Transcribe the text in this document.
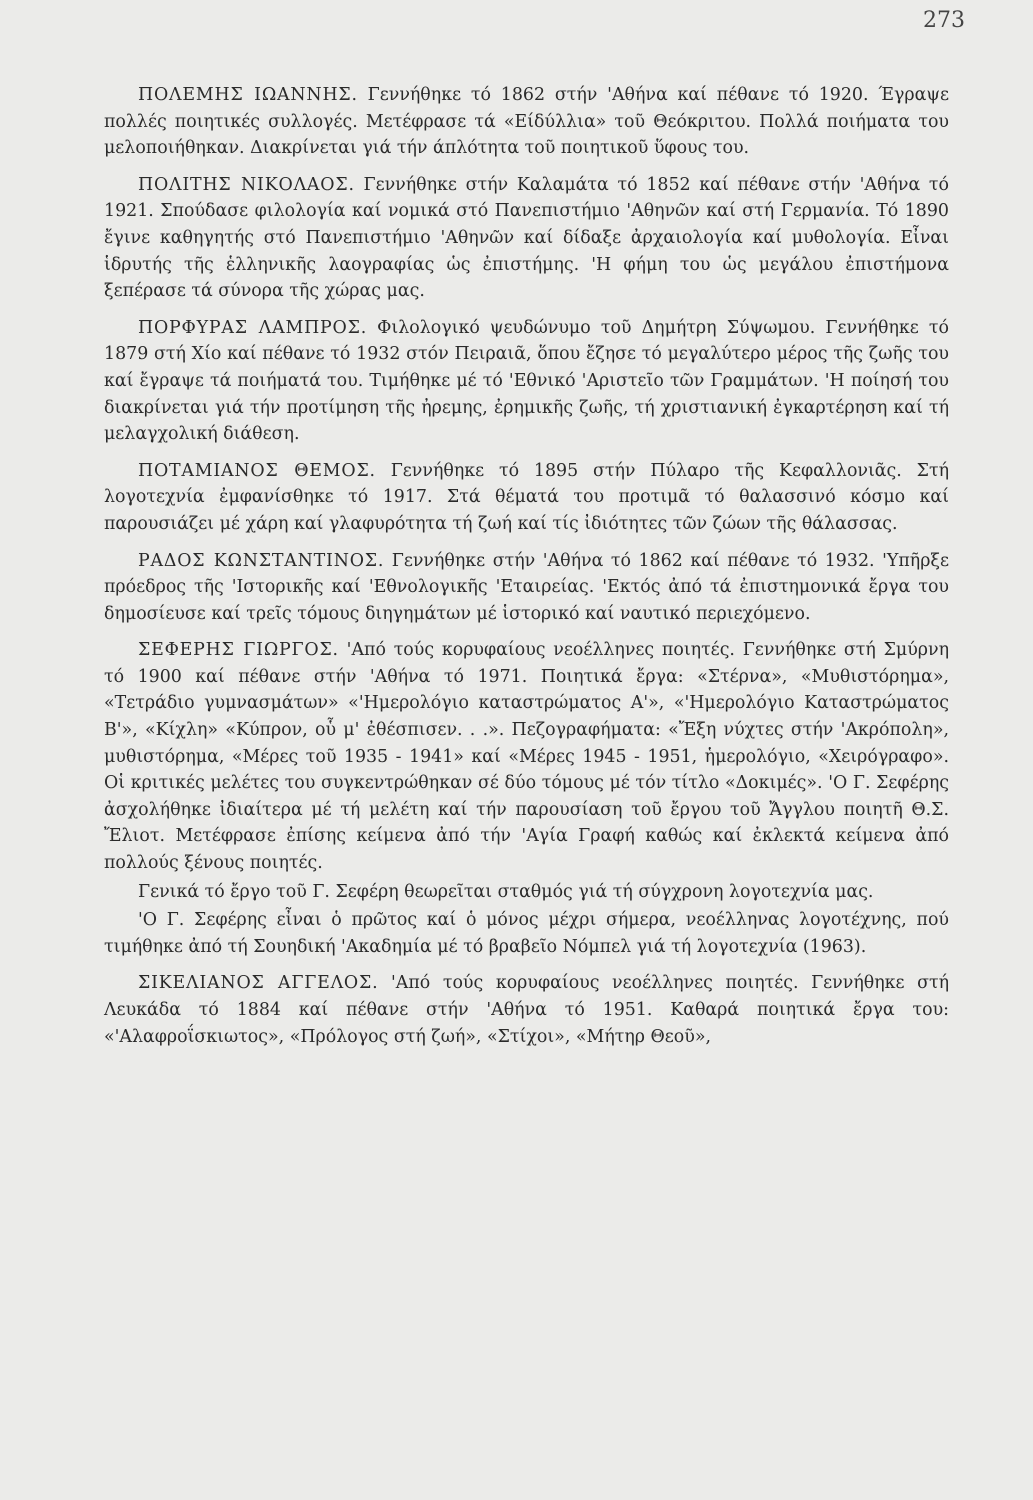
273

ΠΟΛΕΜΗΣ ΙΩΑΝΝΗΣ. Γεννήθηκε τό 1862 στήν 'Αθήνα καί πέθανε τό 1920. Έγραψε πολλές ποιητικές συλλογές. Μετέφρασε τά «Είδύλλια» τοῦ Θεόκριτου. Πολλά ποιήματα του μελοποιήθηκαν. Διακρίνεται γιά τήν άπλότητα τοῦ ποιητικοῦ ὕφους του.

ΠΟΛΙΤΗΣ ΝΙΚΟΛΑΟΣ. Γεννήθηκε στήν Καλαμάτα τό 1852 καί πέθανε στήν 'Αθήνα τό 1921. Σπούδασε φιλολογία καί νομικά στό Πανεπιστήμιο 'Αθηνῶν καί στή Γερμανία. Τό 1890 ἔγινε καθηγητής στό Πανεπιστήμιο 'Αθηνῶν καί δίδαξε ἀρχαιολογία καί μυθολογία. Εἶναι ἱδρυτής τῆς ἑλληνικῆς λαογραφίας ὡς ἐπιστήμης. 'Η φήμη του ὡς μεγάλου ἐπιστήμονα ξεπέρασε τά σύνορα τῆς χώρας μας.

ΠΟΡΦΥΡΑΣ ΛΑΜΠΡΟΣ. Φιλολογικό ψευδώνυμο τοῦ Δημήτρη Σύψωμου. Γεννήθηκε τό 1879 στή Χίο καί πέθανε τό 1932 στόν Πειραιᾶ, ὅπου ἔζησε τό μεγαλύτερο μέρος τῆς ζωῆς του καί ἔγραψε τά ποιήματά του. Τιμήθηκε μέ τό 'Εθνικό 'Αριστεῖο τῶν Γραμμάτων. 'Η ποίησή του διακρίνεται γιά τήν προτίμηση τῆς ἠρεμης, ἐρημικῆς ζωῆς, τή χριστιανική ἐγκαρτέρηση καί τή μελαγχολική διάθεση.

ΠΟΤΑΜΙΑΝΟΣ ΘΕΜΟΣ. Γεννήθηκε τό 1895 στήν Πύλαρο τῆς Κεφαλλονιᾶς. Στή λογοτεχνία ἐμφανίσθηκε τό 1917. Στά θέματά του προτιμᾶ τό θαλασσινό κόσμο καί παρουσιάζει μέ χάρη καί γλαφυρότητα τή ζωή καί τίς ἰδιότητες τῶν ζώων τῆς θάλασσας.

ΡΑΔΟΣ ΚΩΝΣΤΑΝΤΙΝΟΣ. Γεννήθηκε στήν 'Αθήνα τό 1862 καί πέθανε τό 1932. 'Υπῆρξε πρόεδρος τῆς 'Ιστορικῆς καί 'Εθνολογικῆς 'Εταιρείας. 'Εκτός ἀπό τά ἐπιστημονικά ἔργα του δημοσίευσε καί τρεῖς τόμους διηγημάτων μέ ἱστορικό καί ναυτικό περιεχόμενο.

ΣΕΦΕΡΗΣ ΓΙΩΡΓΟΣ. 'Από τούς κορυφαίους νεοέλληνες ποιητές. Γεννήθηκε στή Σμύρνη τό 1900 καί πέθανε στήν 'Αθήνα τό 1971. Ποιητικά ἔργα: «Στέρνα», «Μυθιστόρημα», «Τετράδιο γυμνασμάτων» «'Ημερολόγιο καταστρώματος Α'», «'Ημερολόγιο Καταστρώματος Β'», «Κίχλη» «Κύπρον, οὗ μ' ἐθέσπισεν. . .». Πεζογραφήματα: «Ἔξη νύχτες στήν 'Ακρόπολη», μυθιστόρημα, «Μέρες τοῦ 1935 - 1941» καί «Μέρες 1945 - 1951, ἡμερολόγιο, «Χειρόγραφο». Οἱ κριτικές μελέτες του συγκεντρώθηκαν σέ δύο τόμους μέ τόν τίτλο «Δοκιμές». 'Ο Γ. Σεφέρης ἀσχολήθηκε ἰδιαίτερα μέ τή μελέτη καί τήν παρουσίαση τοῦ ἔργου τοῦ Ἄγγλου ποιητῆ Θ.Σ. Ἔλιοτ. Μετέφρασε ἐπίσης κείμενα ἀπό τήν 'Αγία Γραφή καθώς καί ἐκλεκτά κείμενα ἀπό πολλούς ξένους ποιητές.

Γενικά τό ἔργο τοῦ Γ. Σεφέρη θεωρεῖται σταθμός γιά τή σύγχρονη λογοτεχνία μας.

'Ο Γ. Σεφέρης εἶναι ὁ πρῶτος καί ὁ μόνος μέχρι σήμερα, νεοέλληνας λογοτέχνης, πού τιμήθηκε ἀπό τή Σουηδική 'Ακαδημία μέ τό βραβεῖο Νόμπελ γιά τή λογοτεχνία (1963).

ΣΙΚΕΛΙΑΝΟΣ ΑΓΓΕΛΟΣ. 'Από τούς κορυφαίους νεοέλληνες ποιητές. Γεννήθηκε στή Λευκάδα τό 1884 καί πέθανε στήν 'Αθήνα τό 1951. Καθαρά ποιητικά ἔργα του: «'Αλαφροΐσκιωτος», «Πρόλογος στή ζωή», «Στίχοι», «Μήτηρ Θεοῦ»,
